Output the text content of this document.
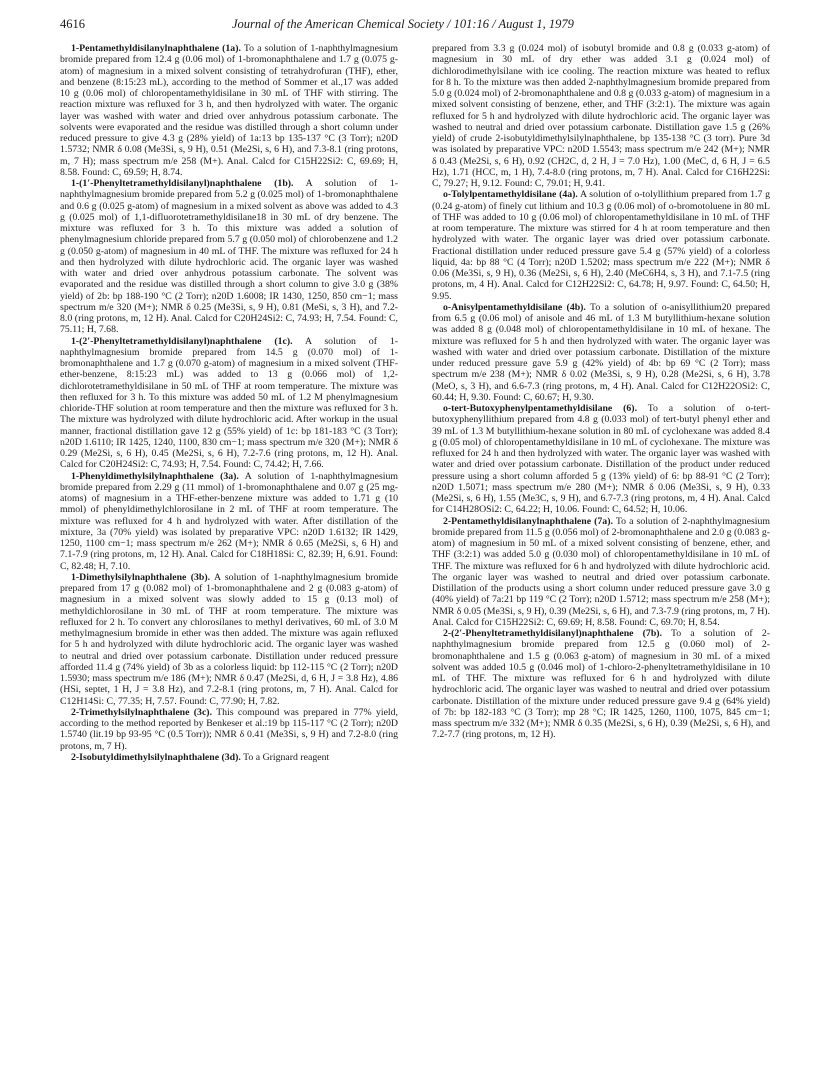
4616	Journal of the American Chemical Society / 101:16 / August 1, 1979

1-Pentamethyldisilanylnaphthalene (1a). To a solution of 1-naphthylmagnesium bromide prepared from 12.4 g (0.06 mol) of 1-bromonaphthalene and 1.7 g (0.075 g-atom) of magnesium in a mixed solvent consisting of tetrahydrofuran (THF), ether, and benzene (8:15:23 mL), according to the method of Sommer et al.,17 was added 10 g (0.06 mol) of chloropentamethyldisilane in 30 mL of THF with stirring. The reaction mixture was refluxed for 3 h, and then hydrolyzed with water. The organic layer was washed with water and dried over anhydrous potassium carbonate. The solvents were evaporated and the residue was distilled through a short column under reduced pressure to give 4.3 g (28% yield) of 1a:13 bp 135-137 °C (3 Torr); n20D 1.5732; NMR δ 0.08 (Me3Si, s, 9 H), 0.51 (Me2Si, s, 6 H), and 7.3-8.1 (ring protons, m, 7 H); mass spectrum m/e 258 (M+). Anal. Calcd for C15H22Si2: C, 69.69; H, 8.58. Found: C, 69.59; H, 8.74.

1-(1′-Phenyltetramethyldisilanyl)naphthalene (1b). A solution of 1-naphthylmagnesium bromide prepared from 5.2 g (0.025 mol) of 1-bromonaphthalene and 0.6 g (0.025 g-atom) of magnesium in a mixed solvent as above was added to 4.3 g (0.025 mol) of 1,1-difluorotetramethyldisilane18 in 30 mL of dry benzene. The mixture was refluxed for 3 h. To this mixture was added a solution of phenylmagnesium chloride prepared from 5.7 g (0.050 mol) of chlorobenzene and 1.2 g (0.050 g-atom) of magnesium in 40 mL of THF. The mixture was refluxed for 24 h and then hydrolyzed with dilute hydrochloric acid. The organic layer was washed with water and dried over anhydrous potassium carbonate. The solvent was evaporated and the residue was distilled through a short column to give 3.0 g (38% yield) of 2b: bp 188-190 °C (2 Torr); n20D 1.6008; IR 1430, 1250, 850 cm−1; mass spectrum m/e 320 (M+); NMR δ 0.25 (Me3Si, s, 9 H), 0.81 (MeSi, s, 3 H), and 7.2-8.0 (ring protons, m, 12 H). Anal. Calcd for C20H24Si2: C, 74.93; H, 7.54. Found: C, 75.11; H, 7.68.

1-(2′-Phenyltetramethyldisilanyl)naphthalene (1c). A solution of 1-naphthylmagnesium bromide prepared from 14.5 g (0.070 mol) of 1-bromonaphthalene and 1.7 g (0.070 g-atom) of magnesium in a mixed solvent (THF-ether-benzene, 8:15:23 mL) was added to 13 g (0.066 mol) of 1,2-dichlorotetramethyldisilane in 50 mL of THF at room temperature. The mixture was then refluxed for 3 h. To this mixture was added 50 mL of 1.2 M phenylmagnesium chloride-THF solution at room temperature and then the mixture was refluxed for 3 h. The mixture was hydrolyzed with dilute hydrochloric acid. After workup in the usual manner, fractional distillation gave 12 g (55% yield) of 1c: bp 181-183 °C (3 Torr); n20D 1.6110; IR 1425, 1240, 1100, 830 cm−1; mass spectrum m/e 320 (M+); NMR δ 0.29 (Me2Si, s, 6 H), 0.45 (Me2Si, s, 6 H), 7.2-7.6 (ring protons, m, 12 H). Anal. Calcd for C20H24Si2: C, 74.93; H, 7.54. Found: C, 74.42; H, 7.66.

1-Phenyldimethylsilylnaphthalene (3a). A solution of 1-naphthylmagnesium bromide prepared from 2.29 g (11 mmol) of 1-bromonaphthalene and 0.07 g (25 mg-atoms) of magnesium in a THF-ether-benzene mixture was added to 1.71 g (10 mmol) of phenyldimethylchlorosilane in 2 mL of THF at room temperature. The mixture was refluxed for 4 h and hydrolyzed with water. After distillation of the mixture, 3a (70% yield) was isolated by preparative VPC: n20D 1.6132; IR 1429, 1250, 1100 cm−1; mass spectrum m/e 262 (M+); NMR δ 0.65 (Me2Si, s, 6 H) and 7.1-7.9 (ring protons, m, 12 H). Anal. Calcd for C18H18Si: C, 82.39; H, 6.91. Found: C, 82.48; H, 7.10.

1-Dimethylsilylnaphthalene (3b). A solution of 1-naphthylmagnesium bromide prepared from 17 g (0.082 mol) of 1-bromonaphthalene and 2 g (0.083 g-atom) of magnesium in a mixed solvent was slowly added to 15 g (0.13 mol) of methyldichlorosilane in 30 mL of THF at room temperature. The mixture was refluxed for 2 h. To convert any chlorosilanes to methyl derivatives, 60 mL of 3.0 M methylmagnesium bromide in ether was then added. The mixture was again refluxed for 5 h and hydrolyzed with dilute hydrochloric acid. The organic layer was washed to neutral and dried over potassium carbonate. Distillation under reduced pressure afforded 11.4 g (74% yield) of 3b as a colorless liquid: bp 112-115 °C (2 Torr); n20D 1.5930; mass spectrum m/e 186 (M+); NMR δ 0.47 (Me2Si, d, 6 H, J = 3.8 Hz), 4.86 (HSi, septet, 1 H, J = 3.8 Hz), and 7.2-8.1 (ring protons, m, 7 H). Anal. Calcd for C12H14Si: C, 77.35; H, 7.57. Found: C, 77.90; H, 7.82.

2-Trimethylsilylnaphthalene (3c). This compound was prepared in 77% yield, according to the method reported by Benkeser et al.:19 bp 115-117 °C (2 Torr); n20D 1.5740 (lit.19 bp 93-95 °C (0.5 Torr)); NMR δ 0.41 (Me3Si, s, 9 H) and 7.2-8.0 (ring protons, m, 7 H).

2-Isobutyldimethylsilylnaphthalene (3d). To a Grignard reagent

prepared from 3.3 g (0.024 mol) of isobutyl bromide and 0.8 g (0.033 g-atom) of magnesium in 30 mL of dry ether was added 3.1 g (0.024 mol) of dichlorodimethylsilane with ice cooling. The reaction mixture was heated to reflux for 8 h. To the mixture was then added 2-naphthylmagnesium bromide prepared from 5.0 g (0.024 mol) of 2-bromonaphthalene and 0.8 g (0.033 g-atom) of magnesium in a mixed solvent consisting of benzene, ether, and THF (3:2:1). The mixture was again refluxed for 5 h and hydrolyzed with dilute hydrochloric acid. The organic layer was washed to neutral and dried over potassium carbonate. Distillation gave 1.5 g (26% yield) of crude 2-isobutyldimethylsilylnaphthalene, bp 135-138 °C (3 torr). Pure 3d was isolated by preparative VPC: n20D 1.5543; mass spectrum m/e 242 (M+); NMR δ 0.43 (Me2Si, s, 6 H), 0.92 (CH2C, d, 2 H, J = 7.0 Hz), 1.00 (MeC, d, 6 H, J = 6.5 Hz), 1.71 (HCC, m, 1 H), 7.4-8.0 (ring protons, m, 7 H). Anal. Calcd for C16H22Si: C, 79.27; H, 9.12. Found: C, 79.01; H, 9.41.

o-Tolylpentamethyldisilane (4a). A solution of o-tolyllithium prepared from 1.7 g (0.24 g-atom) of finely cut lithium and 10.3 g (0.06 mol) of o-bromotoluene in 80 mL of THF was added to 10 g (0.06 mol) of chloropentamethyldisilane in 10 mL of THF at room temperature. The mixture was stirred for 4 h at room temperature and then hydrolyzed with water. The organic layer was dried over potassium carbonate. Fractional distillation under reduced pressure gave 5.4 g (57% yield) of a colorless liquid, 4a: bp 88 °C (4 Torr); n20D 1.5202; mass spectrum m/e 222 (M+); NMR δ 0.06 (Me3Si, s, 9 H), 0.36 (Me2Si, s, 6 H), 2.40 (MeC6H4, s, 3 H), and 7.1-7.5 (ring protons, m, 4 H). Anal. Calcd for C12H22Si2: C, 64.78; H, 9.97. Found: C, 64.50; H, 9.95.

o-Anisylpentamethyldisilane (4b). To a solution of o-anisyllithium20 prepared from 6.5 g (0.06 mol) of anisole and 46 mL of 1.3 M butyllithium-hexane solution was added 8 g (0.048 mol) of chloropentamethyldisilane in 10 mL of hexane. The mixture was refluxed for 5 h and then hydrolyzed with water. The organic layer was washed with water and dried over potassium carbonate. Distillation of the mixture under reduced pressure gave 5.9 g (42% yield) of 4b: bp 69 °C (2 Torr); mass spectrum m/e 238 (M+); NMR δ 0.02 (Me3Si, s, 9 H), 0.28 (Me2Si, s, 6 H), 3.78 (MeO, s, 3 H), and 6.6-7.3 (ring protons, m, 4 H). Anal. Calcd for C12H22OSi2: C, 60.44; H, 9.30. Found: C, 60.67; H, 9.30.

o-tert-Butoxyphenylpentamethyldisilane (6). To a solution of o-tert-butoxyphenyllithium prepared from 4.8 g (0.033 mol) of tert-butyl phenyl ether and 39 mL of 1.3 M butyllithium-hexane solution in 80 mL of cyclohexane was added 8.4 g (0.05 mol) of chloropentamethyldisilane in 10 mL of cyclohexane. The mixture was refluxed for 24 h and then hydrolyzed with water. The organic layer was washed with water and dried over potassium carbonate. Distillation of the product under reduced pressure using a short column afforded 5 g (13% yield) of 6: bp 88-91 °C (2 Torr); n20D 1.5071; mass spectrum m/e 280 (M+); NMR δ 0.06 (Me3Si, s, 9 H), 0.33 (Me2Si, s, 6 H), 1.55 (Me3C, s, 9 H), and 6.7-7.3 (ring protons, m, 4 H). Anal. Calcd for C14H28OSi2: C, 64.22; H, 10.06. Found: C, 64.52; H, 10.06.

2-Pentamethyldisilanylnaphthalene (7a). To a solution of 2-naphthylmagnesium bromide prepared from 11.5 g (0.056 mol) of 2-bromonaphthalene and 2.0 g (0.083 g-atom) of magnesium in 50 mL of a mixed solvent consisting of benzene, ether, and THF (3:2:1) was added 5.0 g (0.030 mol) of chloropentamethyldisilane in 10 mL of THF. The mixture was refluxed for 6 h and hydrolyzed with dilute hydrochloric acid. The organic layer was washed to neutral and dried over potassium carbonate. Distillation of the products using a short column under reduced pressure gave 3.0 g (40% yield) of 7a:21 bp 119 °C (2 Torr); n20D 1.5712; mass spectrum m/e 258 (M+); NMR δ 0.05 (Me3Si, s, 9 H), 0.39 (Me2Si, s, 6 H), and 7.3-7.9 (ring protons, m, 7 H). Anal. Calcd for C15H22Si2: C, 69.69; H, 8.58. Found: C, 69.70; H, 8.54.

2-(2′-Phenyltetramethyldisilanyl)naphthalene (7b). To a solution of 2-naphthylmagnesium bromide prepared from 12.5 g (0.060 mol) of 2-bromonaphthalene and 1.5 g (0.063 g-atom) of magnesium in 30 mL of a mixed solvent was added 10.5 g (0.046 mol) of 1-chloro-2-phenyltetramethyldisilane in 10 mL of THF. The mixture was refluxed for 6 h and hydrolyzed with dilute hydrochloric acid. The organic layer was washed to neutral and dried over potassium carbonate. Distillation of the mixture under reduced pressure gave 9.4 g (64% yield) of 7b: bp 182-183 °C (3 Torr); mp 28 °C; IR 1425, 1260, 1100, 1075, 845 cm−1; mass spectrum m/e 332 (M+); NMR δ 0.35 (Me2Si, s, 6 H), 0.39 (Me2Si, s, 6 H), and 7.2-7.7 (ring protons, m, 12 H).
